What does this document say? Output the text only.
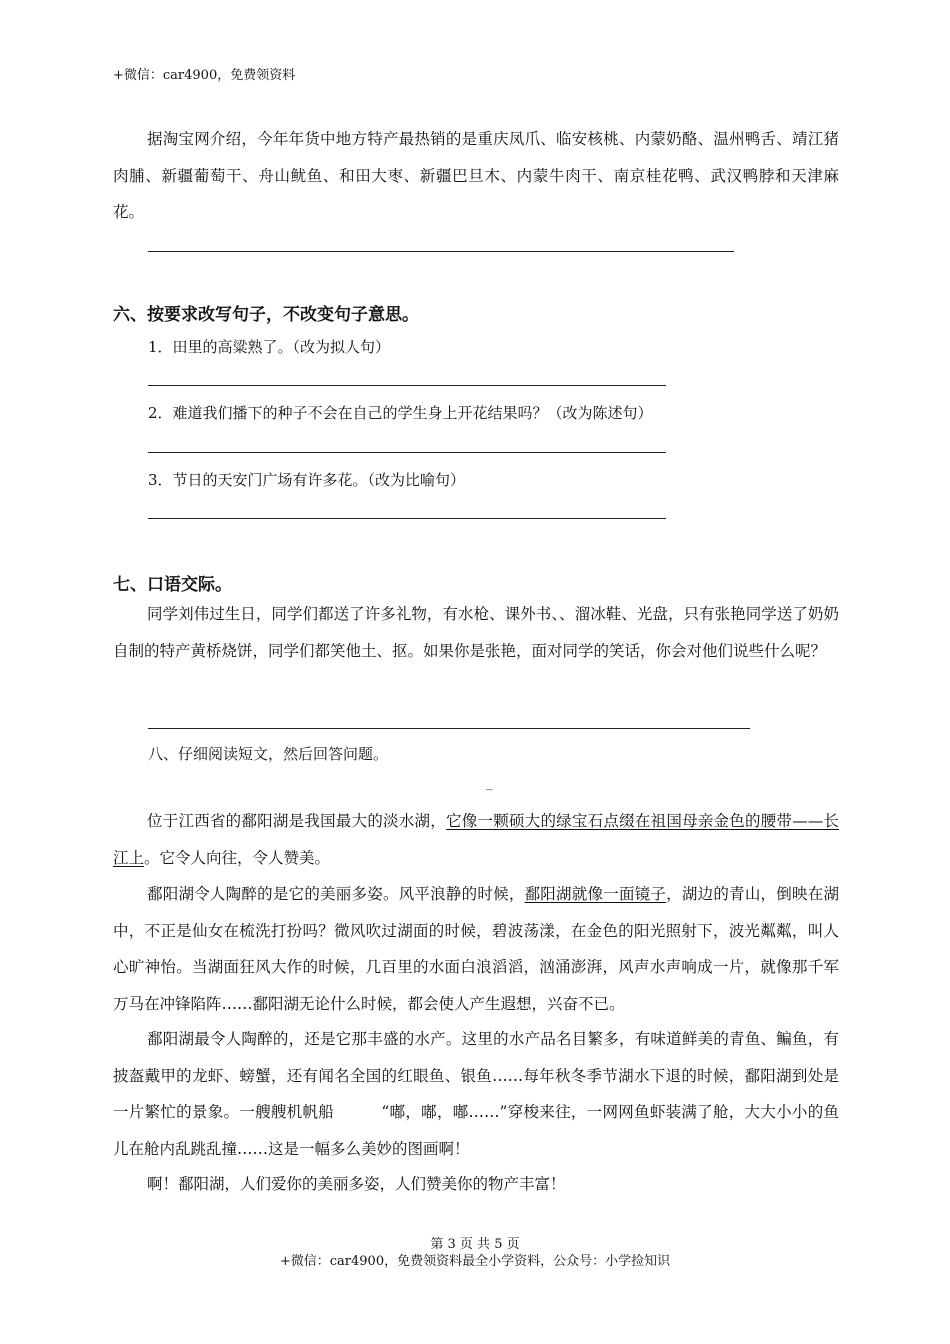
+微信：car4900，免费领资料
据淘宝网介绍，今年年货中地方特产最热销的是重庆凤爪、临安核桃、内蒙奶酪、温州鸭舌、靖江猪肉脯、新疆葡萄干、舟山鱿鱼、和田大枣、新疆巴旦木、内蒙牛肉干、南京桂花鸭、武汉鸭脖和天津麻花。
六、按要求改写句子，不改变句子意思。
1．田里的高粱熟了。（改为拟人句）
2．难道我们播下的种子不会在自己的学生身上开花结果吗？（改为陈述句）
3．节日的天安门广场有许多花。（改为比喻句）
七、口语交际。
同学刘伟过生日，同学们都送了许多礼物，有水枪、课外书、、溜冰鞋、光盘，只有张艳同学送了奶奶自制的特产黄桥烧饼，同学们都笑他土、抠。如果你是张艳，面对同学的笑话，你会对他们说些什么呢？
八、仔细阅读短文，然后回答问题。
_
位于江西省的鄱阳湖是我国最大的淡水湖，它像一颗硕大的绿宝石点缀在祖国母亲金色的腰带——长江上。它令人向往，令人赞美。
鄱阳湖令人陶醉的是它的美丽多姿。风平浪静的时候，鄱阳湖就像一面镜子，湖边的青山，倒映在湖中，不正是仙女在梳洗打扮吗？微风吹过湖面的时候，碧波荡漾，在金色的阳光照射下，波光粼粼，叫人心旷神怡。当湖面狂风大作的时候，几百里的水面白浪滔滔，汹涌澎湃，风声水声响成一片，就像那千军万马在冲锋陷阵……鄱阳湖无论什么时候，都会使人产生遐想，兴奋不已。
鄱阳湖最令人陶醉的，还是它那丰盛的水产。这里的水产品名目繁多，有味道鲜美的青鱼、鳊鱼，有披盔戴甲的龙虾、螃蟹，还有闻名全国的红眼鱼、银鱼……每年秋冬季节湖水下退的时候，鄱阳湖到处是一片繁忙的景象。一艘艘机帆船　　　“嘟，嘟，嘟……”穿梭来往，一网网鱼虾装满了舱，大大小小的鱼儿在舱内乱跳乱撞……这是一幅多么美妙的图画啊！
啊！鄱阳湖，人们爱你的美丽多姿，人们赞美你的物产丰富！
第 3 页 共 5 页
+微信：car4900，免费领资料最全小学资料，公众号：小学捡知识
